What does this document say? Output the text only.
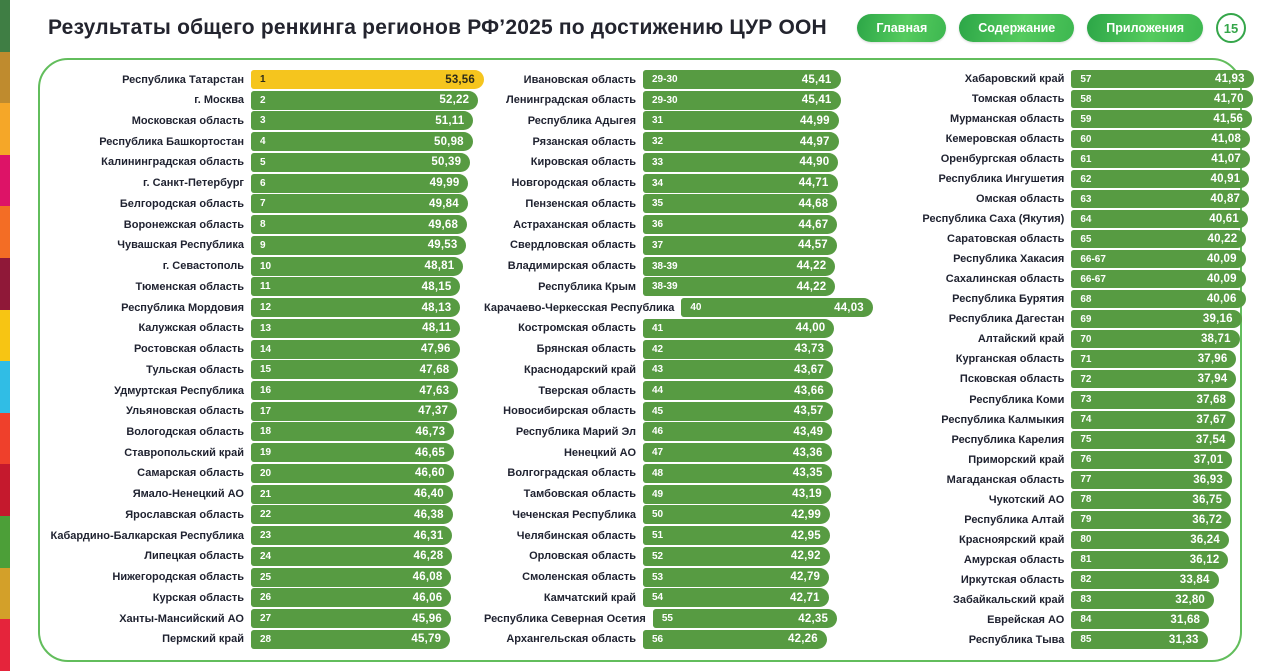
Результаты общего ренкинга регионов РФ’2025 по достижению ЦУР ООН	Главная	Содержание	Приложения	15
Республика Татарстан 1	53,56
г. Москва 2	52,22
Московская область 3	51,11
Республика Башкортостан 4	50,98
Калининградская область 5	50,39
г. Санкт-Петербург 6	49,99
Белгородская область 7	49,84
Воронежская область 8	49,68
Чувашская Республика 9	49,53
г. Севастополь 10	48,81
Тюменская область 11	48,15
Республика Мордовия 12	48,13
Калужская область 13	48,11
Ростовская область 14	47,96
Тульская область 15	47,68
Удмуртская Республика 16	47,63
Ульяновская область 17	47,37
Вологодская область 18	46,73
Ставропольский край 19	46,65
Самарская область 20	46,60
Ямало-Ненецкий АО 21	46,40
Ярославская область 22	46,38
Кабардино-Балкарская Республика 23	46,31
Липецкая область 24	46,28
Нижегородская область 25	46,08
Курская область 26	46,06
Ханты-Мансийский АО 27	45,96
Пермский край 28	45,79
Ивановская область 29-30	45,41
Ленинградская область 29-30	45,41
Республика Адыгея 31	44,99
Рязанская область 32	44,97
Кировская область 33	44,90
Новгородская область 34	44,71
Пензенская область 35	44,68
Астраханская область 36	44,67
Свердловская область 37	44,57
Владимирская область 38-39	44,22
Республика Крым 38-39	44,22
Карачаево-Черкесская Республика 40	44,03
Костромская область 41	44,00
Брянская область 42	43,73
Краснодарский край 43	43,67
Тверская область 44	43,66
Новосибирская область 45	43,57
Республика Марий Эл 46	43,49
Ненецкий АО 47	43,36
Волгоградская область 48	43,35
Тамбовская область 49	43,19
Чеченская Республика 50	42,99
Челябинская область 51	42,95
Орловская область 52	42,92
Смоленская область 53	42,79
Камчатский край 54	42,71
Республика Северная Осетия 55	42,35
Архангельская область 56	42,26
Хабаровский край 57	41,93
Томская область 58	41,70
Мурманская область 59	41,56
Кемеровская область 60	41,08
Оренбургская область 61	41,07
Республика Ингушетия 62	40,91
Омская область 63	40,87
Республика Саха (Якутия) 64	40,61
Саратовская область 65	40,22
Республика Хакасия 66-67	40,09
Сахалинская область 66-67	40,09
Республика Бурятия 68	40,06
Республика Дагестан 69	39,16
Алтайский край 70	38,71
Курганская область 71	37,96
Псковская область 72	37,94
Республика Коми 73	37,68
Республика Калмыкия 74	37,67
Республика Карелия 75	37,54
Приморский край 76	37,01
Магаданская область 77	36,93
Чукотский АО 78	36,75
Республика Алтай 79	36,72
Красноярский край 80	36,24
Амурская область 81	36,12
Иркутская область 82	33,84
Забайкальский край 83	32,80
Еврейская АО 84	31,68
Республика Тыва 85	31,33
